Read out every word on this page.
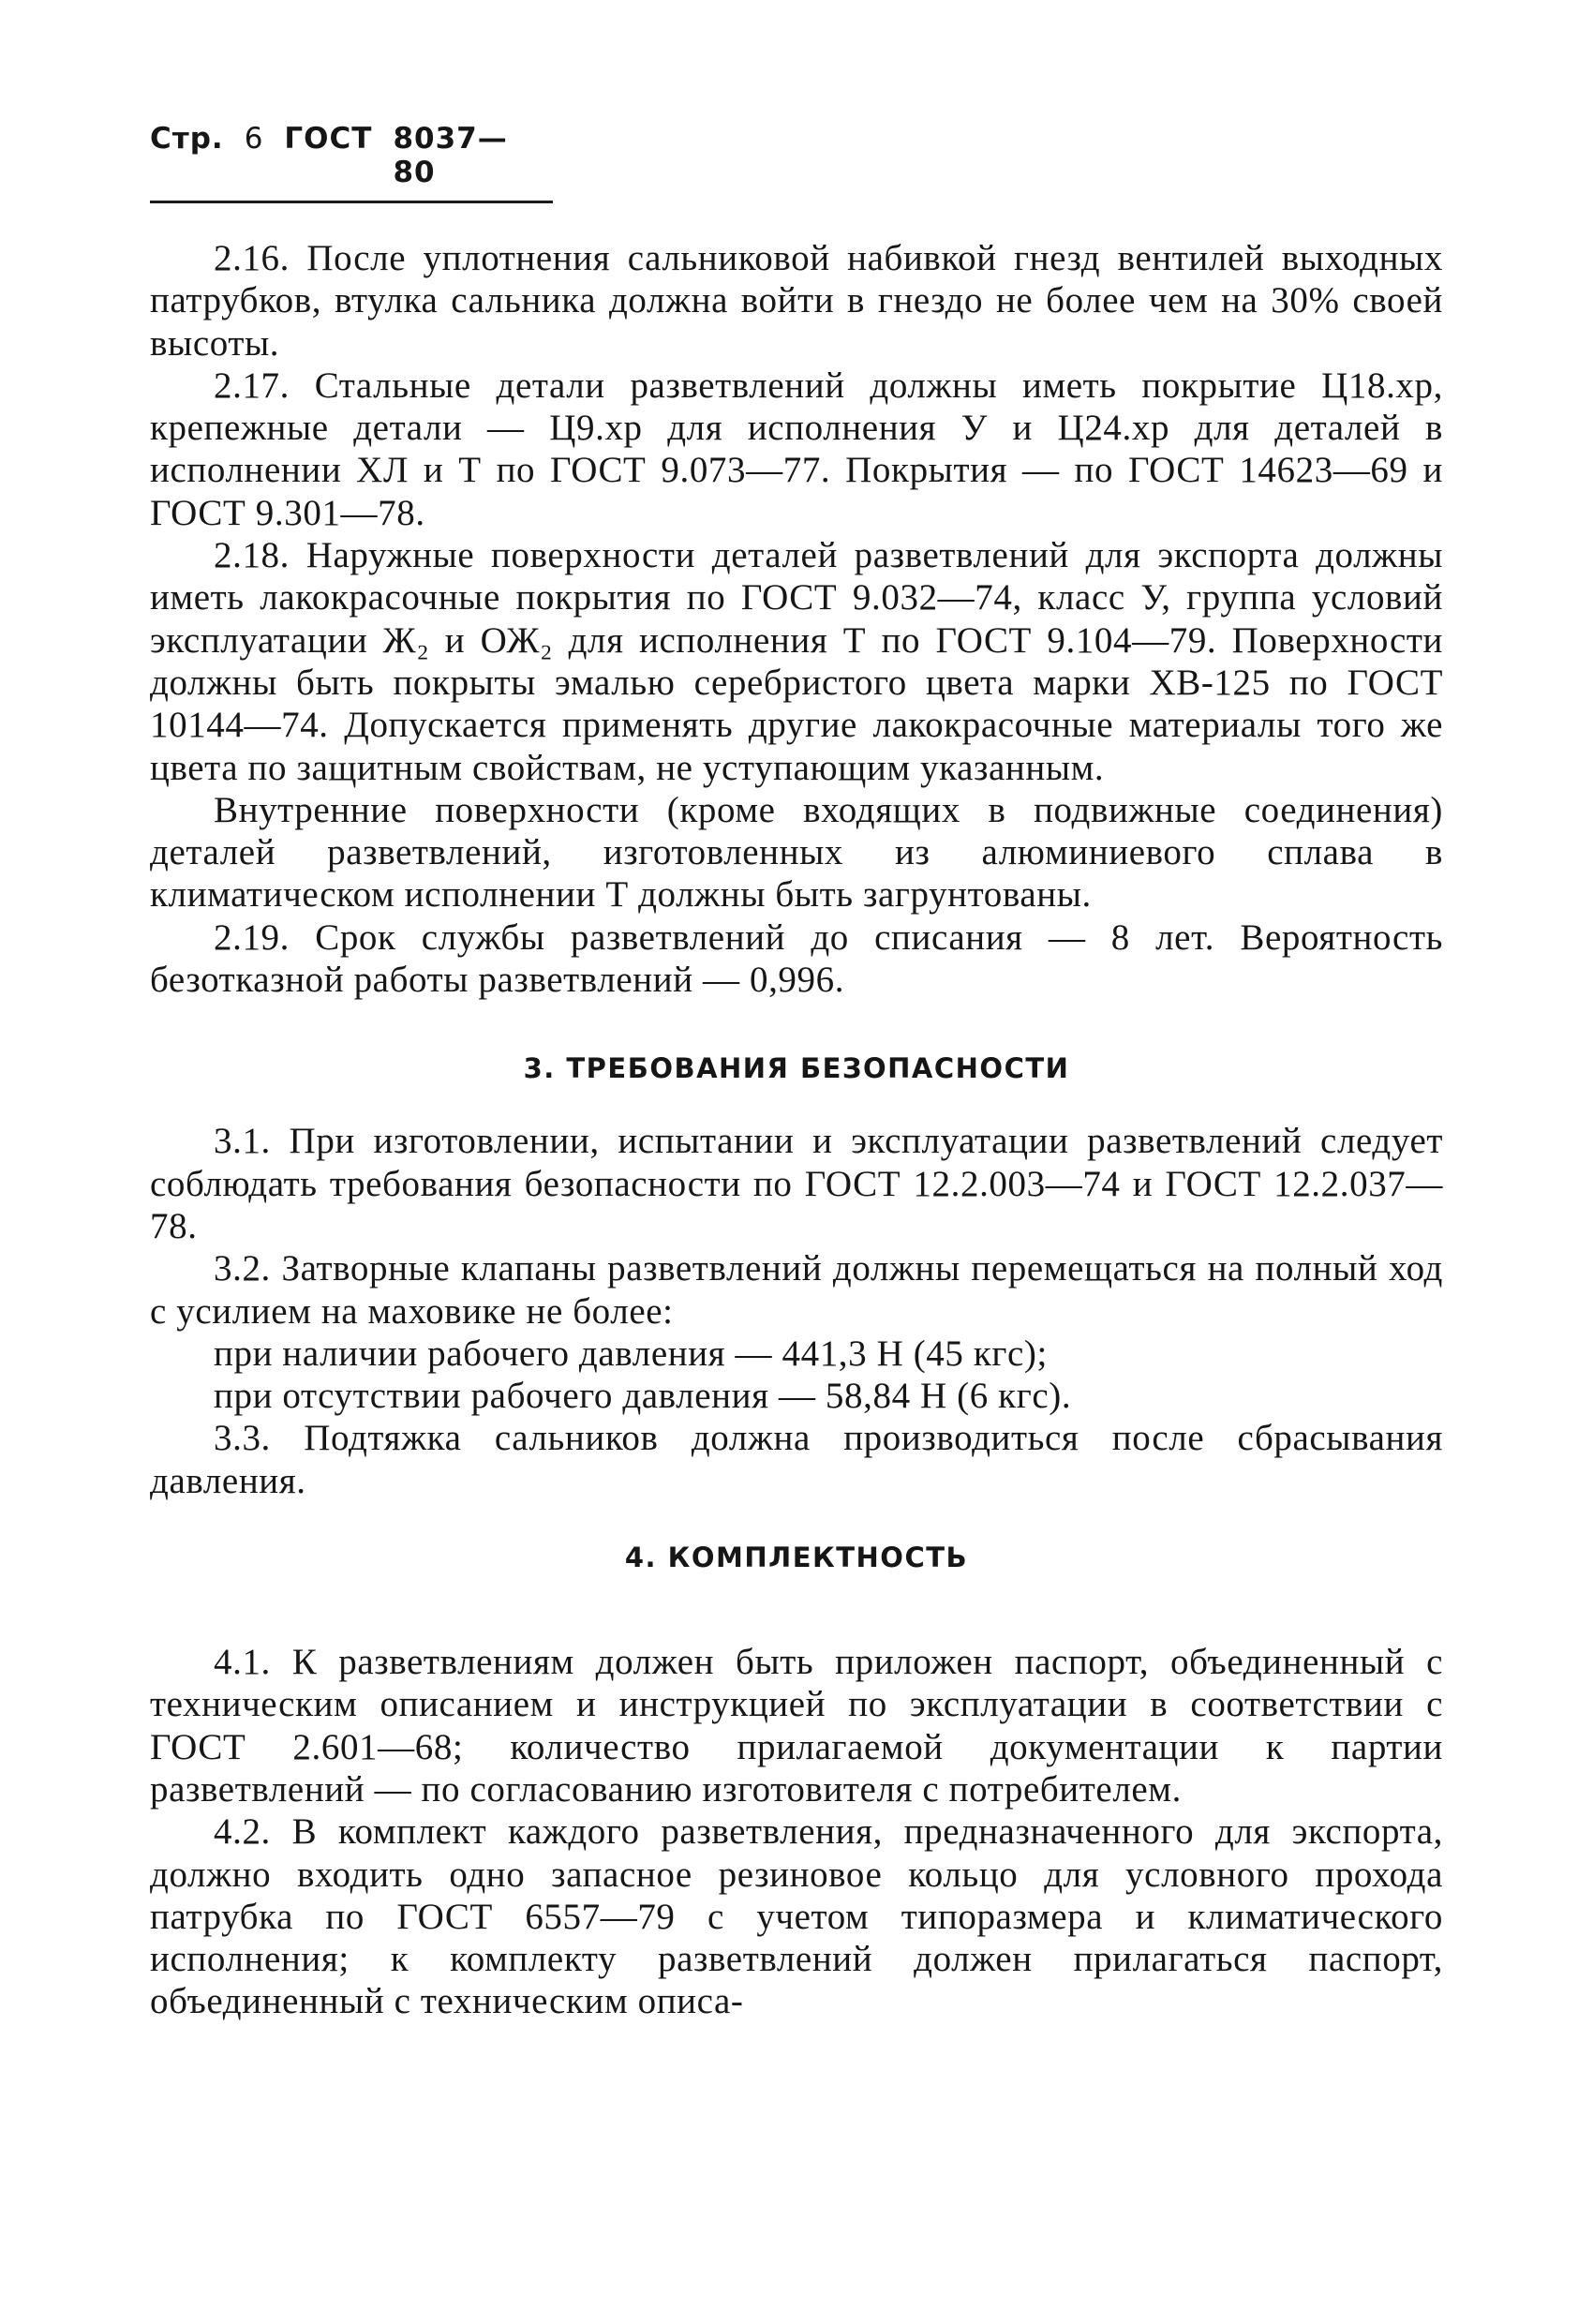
Стр. 6 ГОСТ 8037—80

2.16. После уплотнения сальниковой набивкой гнезд вентилей выходных патрубков, втулка сальника должна войти в гнездо не более чем на 30% своей высоты.

2.17. Стальные детали разветвлений должны иметь покрытие Ц18.хр, крепежные детали — Ц9.хр для исполнения У и Ц24.хр для деталей в исполнении ХЛ и Т по ГОСТ 9.073—77. Покрытия — по ГОСТ 14623—69 и ГОСТ 9.301—78.

2.18. Наружные поверхности деталей разветвлений для экспорта должны иметь лакокрасочные покрытия по ГОСТ 9.032—74, класс У, группа условий эксплуатации Ж₂ и ОЖ₂ для исполнения Т по ГОСТ 9.104—79. Поверхности должны быть покрыты эмалью серебристого цвета марки ХВ-125 по ГОСТ 10144—74. Допускается применять другие лакокрасочные материалы того же цвета по защитным свойствам, не уступающим указанным.

Внутренние поверхности (кроме входящих в подвижные соединения) деталей разветвлений, изготовленных из алюминиевого сплава в климатическом исполнении Т должны быть загрунтованы.

2.19. Срок службы разветвлений до списания — 8 лет. Вероятность безотказной работы разветвлений — 0,996.

3. ТРЕБОВАНИЯ БЕЗОПАСНОСТИ

3.1. При изготовлении, испытании и эксплуатации разветвлений следует соблюдать требования безопасности по ГОСТ 12.2.003—74 и ГОСТ 12.2.037—78.

3.2. Затворные клапаны разветвлений должны перемещаться на полный ход с усилием на маховике не более:

при наличии рабочего давления — 441,3 Н (45 кгс);

при отсутствии рабочего давления — 58,84 Н (6 кгс).

3.3. Подтяжка сальников должна производиться после сбрасывания давления.

4. КОМПЛЕКТНОСТЬ

4.1. К разветвлениям должен быть приложен паспорт, объединенный с техническим описанием и инструкцией по эксплуатации в соответствии с ГОСТ 2.601—68; количество прилагаемой документации к партии разветвлений — по согласованию изготовителя с потребителем.

4.2. В комплект каждого разветвления, предназначенного для экспорта, должно входить одно запасное резиновое кольцо для условного прохода патрубка по ГОСТ 6557—79 с учетом типоразмера и климатического исполнения; к комплекту разветвлений должен прилагаться паспорт, объединенный с техническим описа-
